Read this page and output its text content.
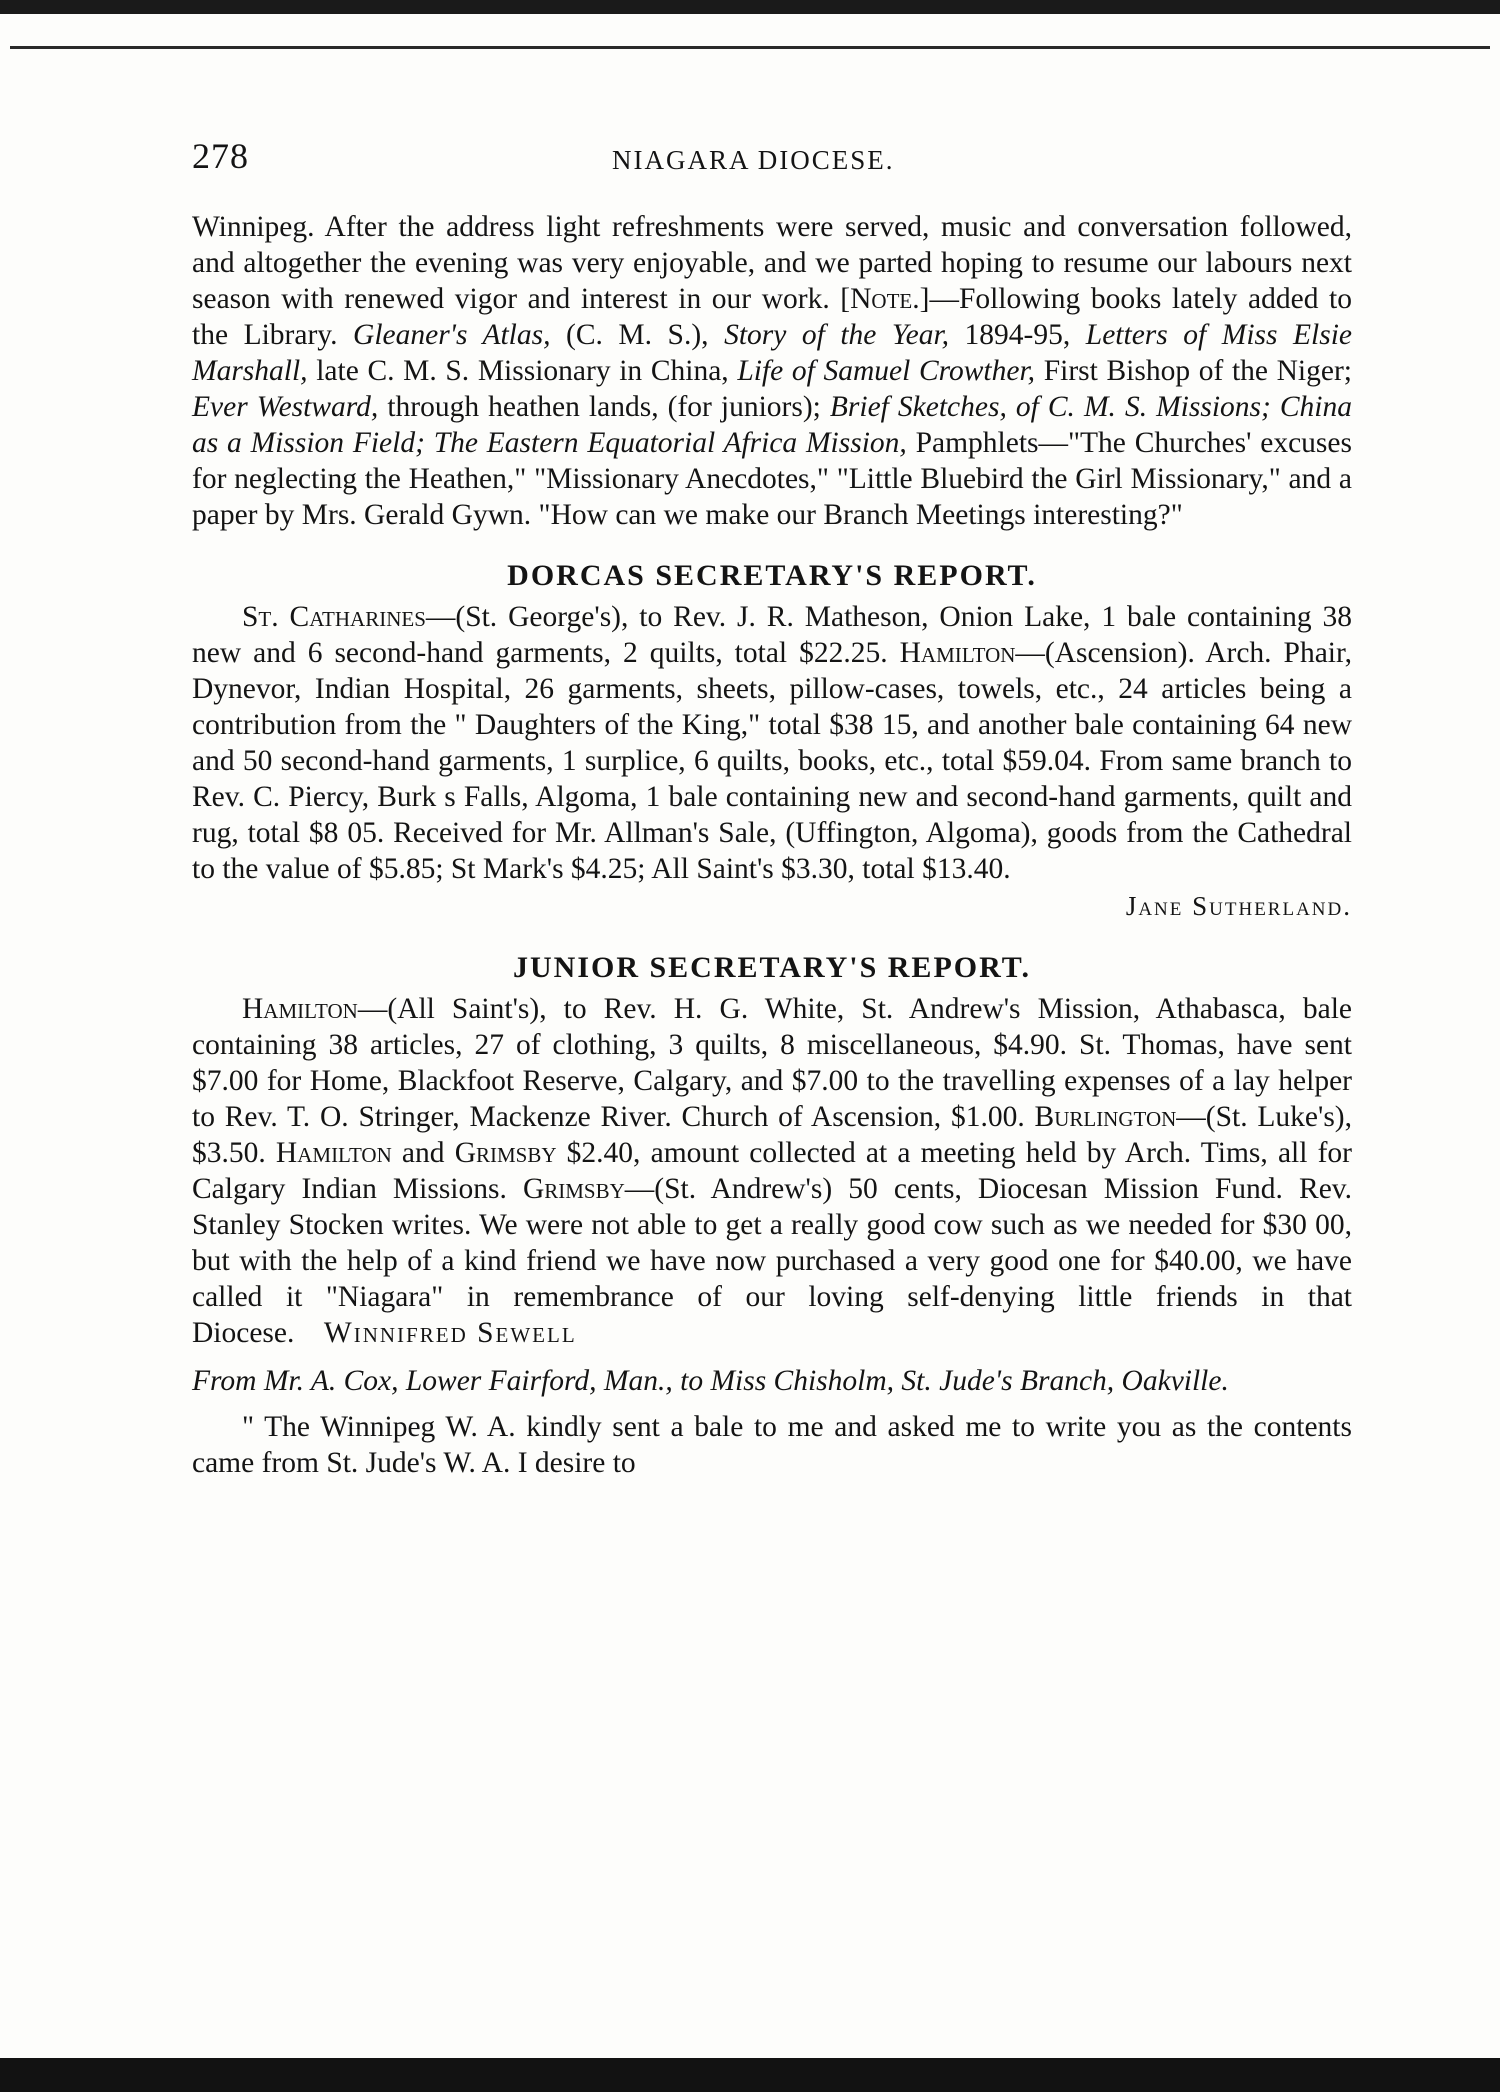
278	NIAGARA DIOCESE.

Winnipeg. After the address light refreshments were served, music and conversation followed, and altogether the evening was very enjoyable, and we parted hoping to resume our labours next season with renewed vigor and interest in our work. [Note.]—Following books lately added to the Library. Gleaner's Atlas, (C. M. S.), Story of the Year, 1894-95, Letters of Miss Elsie Marshall, late C. M. S. Missionary in China, Life of Samuel Crowther, First Bishop of the Niger; Ever Westward, through heathen lands, (for juniors); Brief Sketches, of C. M. S. Missions; China as a Mission Field; The Eastern Equatorial Africa Mission, Pamphlets—"The Churches' excuses for neglecting the Heathen," "Missionary Anecdotes," "Little Bluebird the Girl Missionary," and a paper by Mrs. Gerald Gywn. "How can we make our Branch Meetings interesting?"

DORCAS SECRETARY'S REPORT.

St. Catharines—(St. George's), to Rev. J. R. Matheson, Onion Lake, 1 bale containing 38 new and 6 second-hand garments, 2 quilts, total $22.25. Hamilton—(Ascension). Arch. Phair, Dynevor, Indian Hospital, 26 garments, sheets, pillow-cases, towels, etc., 24 articles being a contribution from the " Daughters of the King," total $38 15, and another bale containing 64 new and 50 second-hand garments, 1 surplice, 6 quilts, books, etc., total $59.04. From same branch to Rev. C. Piercy, Burk s Falls, Algoma, 1 bale containing new and second-hand garments, quilt and rug, total $8 05. Received for Mr. Allman's Sale, (Uffington, Algoma), goods from the Cathedral to the value of $5.85; St Mark's $4.25; All Saint's $3.30, total $13.40.

Jane Sutherland.

JUNIOR SECRETARY'S REPORT.

Hamilton—(All Saint's), to Rev. H. G. White, St. Andrew's Mission, Athabasca, bale containing 38 articles, 27 of clothing, 3 quilts, 8 miscellaneous, $4.90. St. Thomas, have sent $7.00 for Home, Blackfoot Reserve, Calgary, and $7.00 to the travelling expenses of a lay helper to Rev. T. O. Stringer, Mackenze River. Church of Ascension, $1.00. Burlington—(St. Luke's), $3.50. Hamilton and Grimsby $2.40, amount collected at a meeting held by Arch. Tims, all for Calgary Indian Missions. Grimsby—(St. Andrew's) 50 cents, Diocesan Mission Fund. Rev. Stanley Stocken writes. We were not able to get a really good cow such as we needed for $30 00, but with the help of a kind friend we have now purchased a very good one for $40.00, we have called it "Niagara" in remembrance of our loving self-denying little friends in that Diocese. Winnifred Sewell

From Mr. A. Cox, Lower Fairford, Man., to Miss Chisholm, St. Jude's Branch, Oakville.

" The Winnipeg W. A. kindly sent a bale to me and asked me to write you as the contents came from St. Jude's W. A. I desire to
